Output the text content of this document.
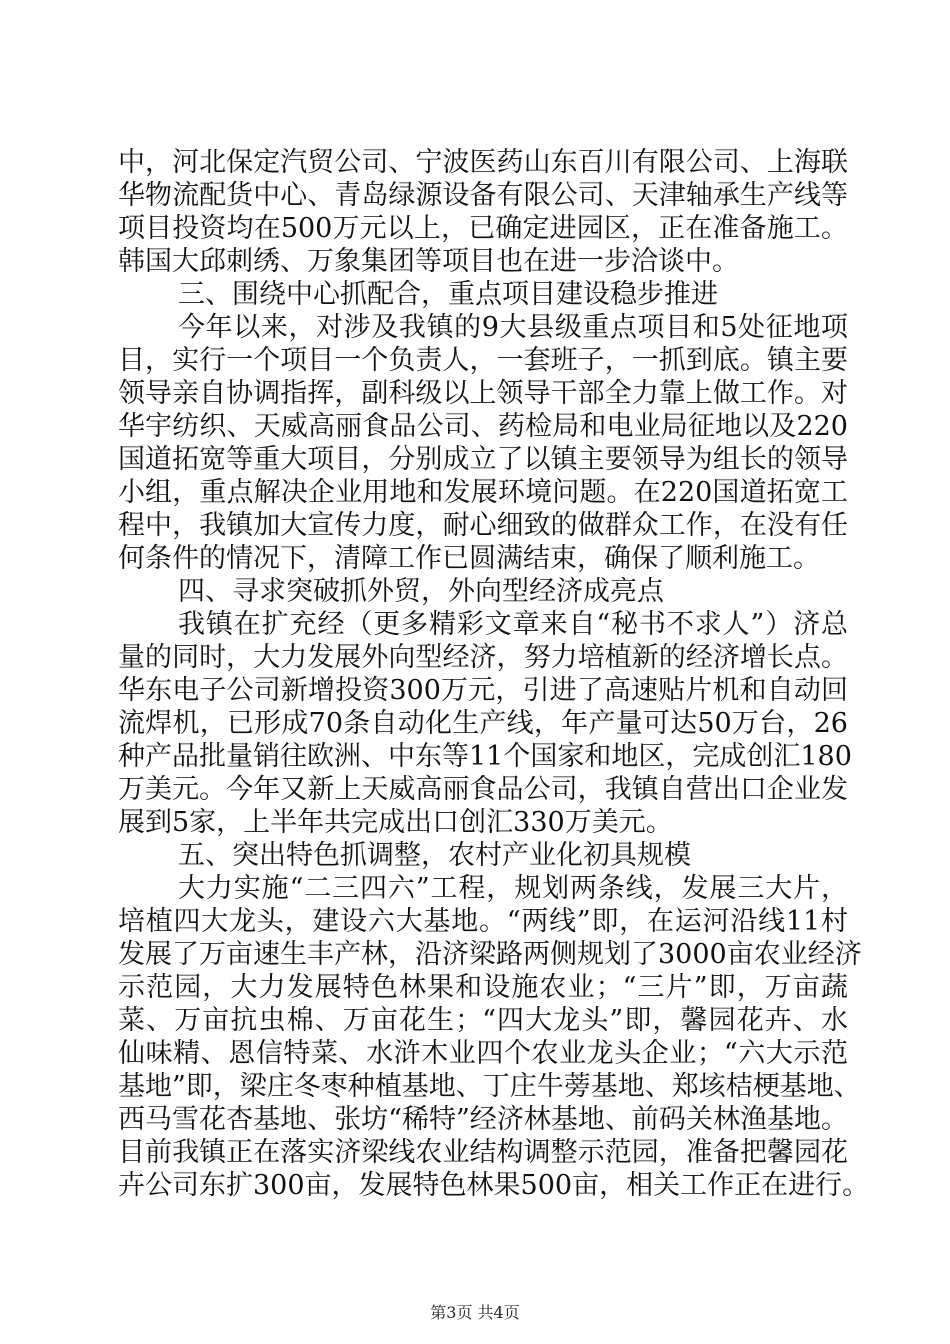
中，河北保定汽贸公司、宁波医药山东百川有限公司、上海联
华物流配货中心、青岛绿源设备有限公司、天津轴承生产线等
项目投资均在500万元以上，已确定进园区，正在准备施工。
韩国大邱刺绣、万象集团等项目也在进一步洽谈中。
三、围绕中心抓配合，重点项目建设稳步推进
今年以来，对涉及我镇的9大县级重点项目和5处征地项
目，实行一个项目一个负责人，一套班子，一抓到底。镇主要
领导亲自协调指挥，副科级以上领导干部全力靠上做工作。对
华宇纺织、天威高丽食品公司、药检局和电业局征地以及220
国道拓宽等重大项目，分别成立了以镇主要领导为组长的领导
小组，重点解决企业用地和发展环境问题。在220国道拓宽工
程中，我镇加大宣传力度，耐心细致的做群众工作，在没有任
何条件的情况下，清障工作已圆满结束，确保了顺利施工。
四、寻求突破抓外贸，外向型经济成亮点
我镇在扩充经（更多精彩文章来自“秘书不求人”）济总
量的同时，大力发展外向型经济，努力培植新的经济增长点。
华东电子公司新增投资300万元，引进了高速贴片机和自动回
流焊机，已形成70条自动化生产线，年产量可达50万台，26
种产品批量销往欧洲、中东等11个国家和地区，完成创汇180
万美元。今年又新上天威高丽食品公司，我镇自营出口企业发
展到5家，上半年共完成出口创汇330万美元。
五、突出特色抓调整，农村产业化初具规模
大力实施“二三四六”工程，规划两条线，发展三大片，
培植四大龙头，建设六大基地。“两线”即，在运河沿线11村
发展了万亩速生丰产林，沿济梁路两侧规划了3000亩农业经济
示范园，大力发展特色林果和设施农业；“三片”即，万亩蔬
菜、万亩抗虫棉、万亩花生；“四大龙头”即，馨园花卉、水
仙味精、恩信特菜、水浒木业四个农业龙头企业；“六大示范
基地”即，梁庄冬枣种植基地、丁庄牛蒡基地、郑垓桔梗基地、
西马雪花杏基地、张坊“稀特”经济林基地、前码关林渔基地。
目前我镇正在落实济梁线农业结构调整示范园，准备把馨园花
卉公司东扩300亩，发展特色林果500亩，相关工作正在进行。
第3页 共4页
